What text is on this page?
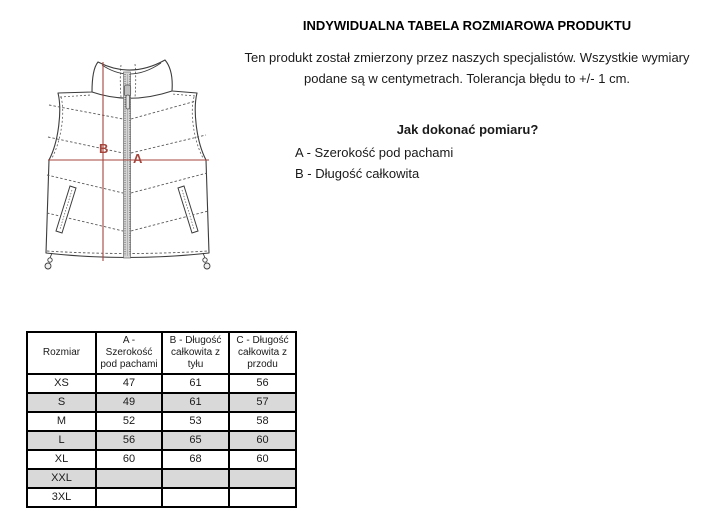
B
A
INDYWIDUALNA TABELA ROZMIAROWA PRODUKTU
Ten produkt został zmierzony przez naszych specjalistów. Wszystkie wymiary
podane są w centymetrach. Tolerancja błędu to +/- 1 cm.
Jak dokonać pomiaru?
A - Szerokość pod pachami
B - Długość całkowita
Rozmiar	A - Szerokość pod pachami	B - Długość całkowita z tyłu	C - Długość całkowita z przodu
XS	47	61	56
S	49	61	57
M	52	53	58
L	56	65	60
XL	60	68	60
XXL			
3XL			
